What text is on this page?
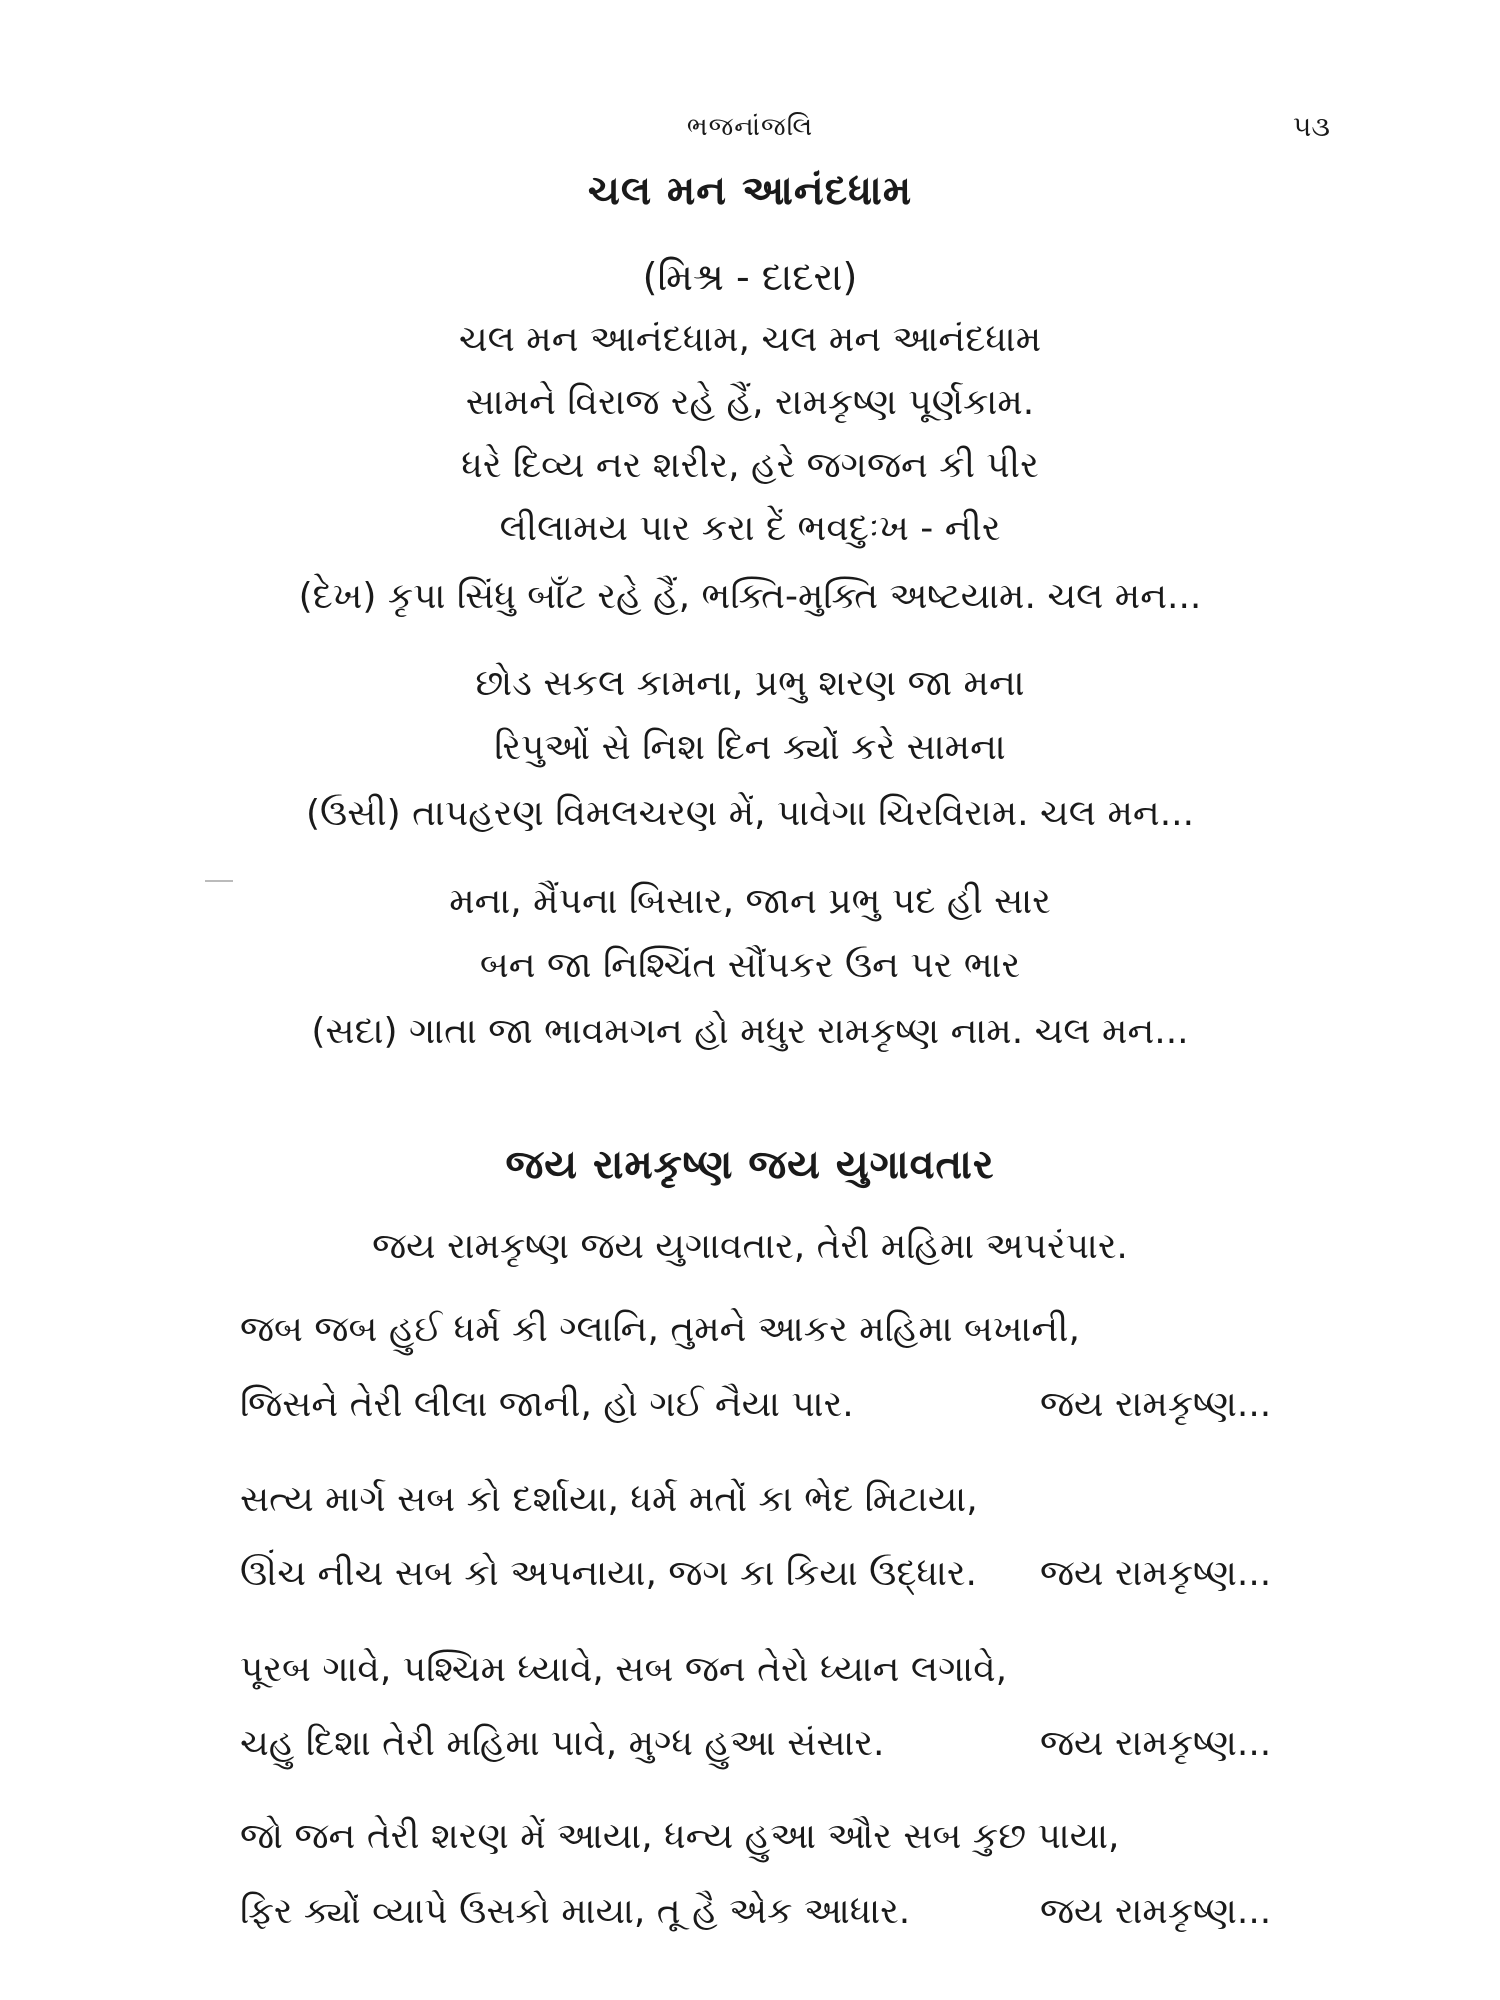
ભજનાંજલિ	૫૩
ચલ મન આનંદધામ
(મિશ્ર - દાદરા)
ચલ મન આનંદધામ, ચલ મન આનંદધામ
સામને વિરાજ રહે હૈં, રામકૃષ્ણ પૂર્ણકામ.
ધરે દિવ્ય નર શરીર, હરે જગજન કી પીર
લીલામય પાર કરા દેં ભવદુઃખ - નીર
(દેખ) કૃપા સિંધુ બાઁટ રહે હૈં, ભક્તિ-મુક્તિ અષ્ટયામ. ચલ મન...
છોડ સકલ કામના, પ્રભુ શરણ જા મના
રિપુઓં સે નિશ દિન ક્યોં કરે સામના
(ઉસી) તાપહરણ વિમલચરણ મેં, પાવેગા ચિરવિરામ. ચલ મન...
મના, મૈંપના બિસાર, જાન પ્રભુ પદ હી સાર
બન જા નિશ્ચિંત સૌંપકર ઉન પર ભાર
(સદા) ગાતા જા ભાવમગન હો મધુર રામકૃષ્ણ નામ. ચલ મન...
જય રામકૃષ્ણ જય યુગાવતાર
જય રામકૃષ્ણ જય યુગાવતાર, તેરી મહિમા અપરંપાર.
જબ જબ હુઈ ધર્મ કી ગ્લાનિ, તુમને આકર મહિમા બખાની,
જિસને તેરી લીલા જાની, હો ગઈ નૈયા પાર.	જય રામકૃષ્ણ...
સત્ય માર્ગ સબ કો દર્શાયા, ધર્મ મતોં કા ભેદ મિટાયા,
ઊંચ નીચ સબ કો અપનાયા, જગ કા કિયા ઉદ્ધાર. જય રામકૃષ્ણ...
પૂરબ ગાવે, પશ્ચિમ ધ્યાવે, સબ જન તેરો ધ્યાન લગાવે,
ચહુ દિશા તેરી મહિમા પાવે, મુગ્ધ હુઆ સંસાર.	જય રામકૃષ્ણ...
જો જન તેરી શરણ મેં આયા, ધન્ય હુઆ ઔર સબ કુછ પાયા,
ફિર ક્યોં વ્યાપે ઉસકો માયા, તૂ હૈ એક આધાર.	જય રામકૃષ્ણ...
